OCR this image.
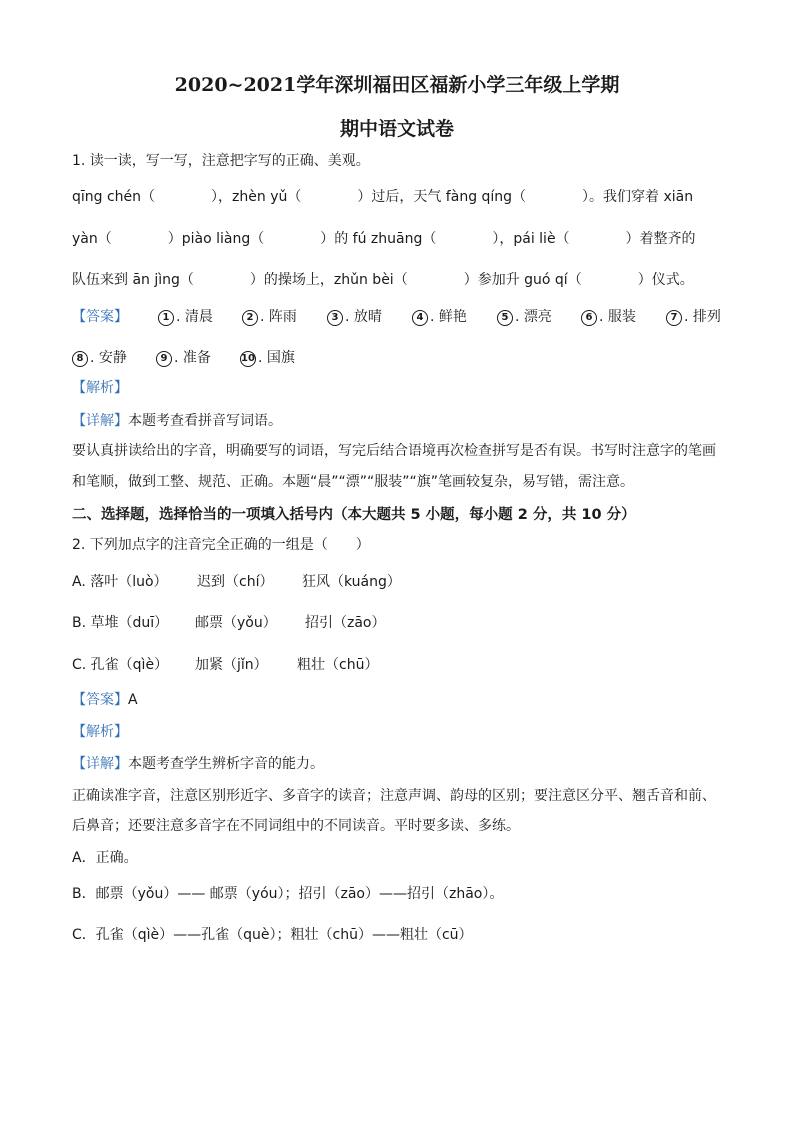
2020~2021学年深圳福田区福新小学三年级上学期
期中语文试卷
1. 读一读，写一写，注意把字写的正确、美观。
qīng chén（　　　　），zhèn yǔ（　　　　）过后，天气 fàng qíng（　　　　）。我们穿着 xiān
yàn（　　　　）piào liàng（　　　　）的 fú zhuāng（　　　　），pái liè（　　　　）着整齐的
队伍来到 ān jìng（　　　　）的操场上，zhǔn bèi（　　　　）参加升 guó qí（　　　　）仪式。
【答案】	1 . 清晨	2 . 阵雨	3 . 放晴	4 . 鲜艳	5 . 漂亮	6 . 服装	7 . 排列
8 . 安静	9 . 准备	10 . 国旗
【解析】
【详解】本题考查看拼音写词语。
要认真拼读给出的字音，明确要写的词语，写完后结合语境再次检查拼写是否有误。书写时注意字的笔画
和笔顺，做到工整、规范、正确。本题“晨”“漂”“服装”“旗”笔画较复杂，易写错，需注意。
二、选择题，选择恰当的一项填入括号内（本大题共 5 小题，每小题 2 分，共 10 分）
2. 下列加点字的注音完全正确的一组是（　　）
A. 落叶（luò） 迟到（chí） 狂风（kuáng）
B. 草堆（duī） 邮票（yǒu） 招引（zāo）
C. 孔雀（qìè） 加紧（jǐn） 粗壮（chū）
【答案】A
【解析】
【详解】本题考查学生辨析字音的能力。
正确读准字音，注意区别形近字、多音字的读音；注意声调、韵母的区别；要注意区分平、翘舌音和前、
后鼻音；还要注意多音字在不同词组中的不同读音。平时要多读、多练。
A．正确。
B．邮票（yǒu）—— 邮票（yóu）；招引（zāo）——招引（zhāo）。
C．孔雀（qìè）——孔雀（què）；粗壮（chū）——粗壮（cū）
